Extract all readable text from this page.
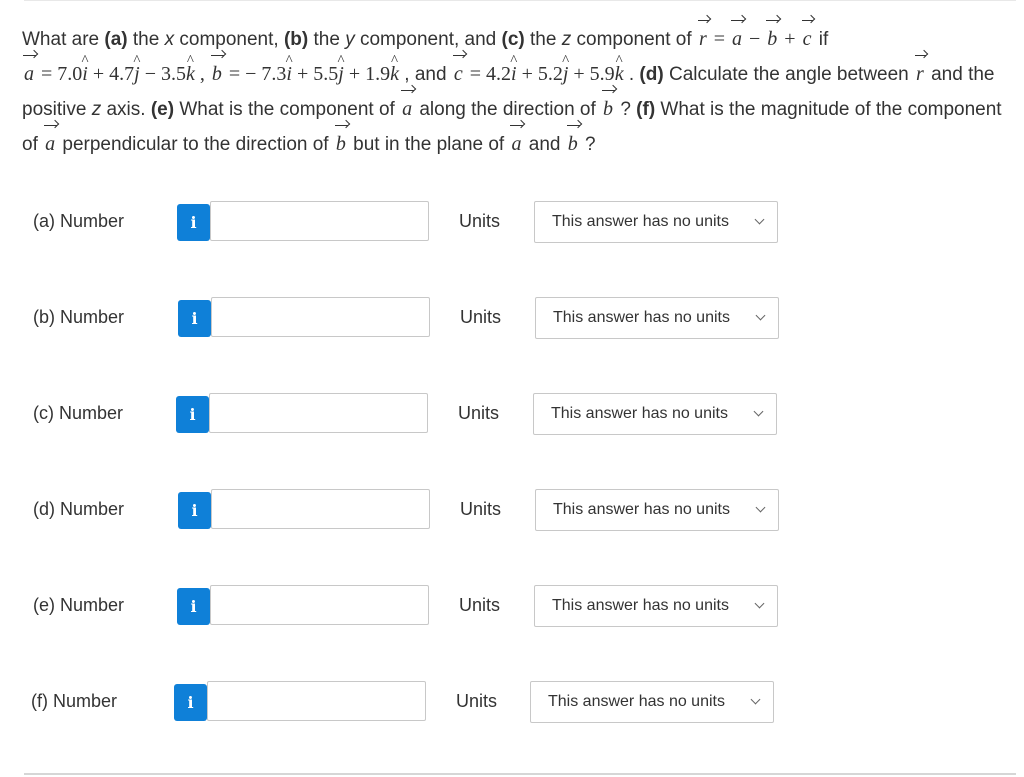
What are (a) the x component, (b) the y component, and (c) the z component of r = a − b + c if
a = 7.0^ i + 4.7^ j − 3.5^ k , b = − 7.3^ i + 5.5^ j + 1.9^ k , and c = 4.2^ i + 5.2^ j + 5.9^ k . (d) Calculate the angle between r and the positive z axis. (e) What is the component of a along the direction of b ? (f) What is the magnitude of the component of a perpendicular to the direction of b but in the plane of a and b ?
(a) Number	i	Units	This answer has no units
(b) Number	i	Units	This answer has no units
(c) Number	i	Units	This answer has no units
(d) Number	i	Units	This answer has no units
(e) Number	i	Units	This answer has no units
(f) Number	i	Units	This answer has no units
